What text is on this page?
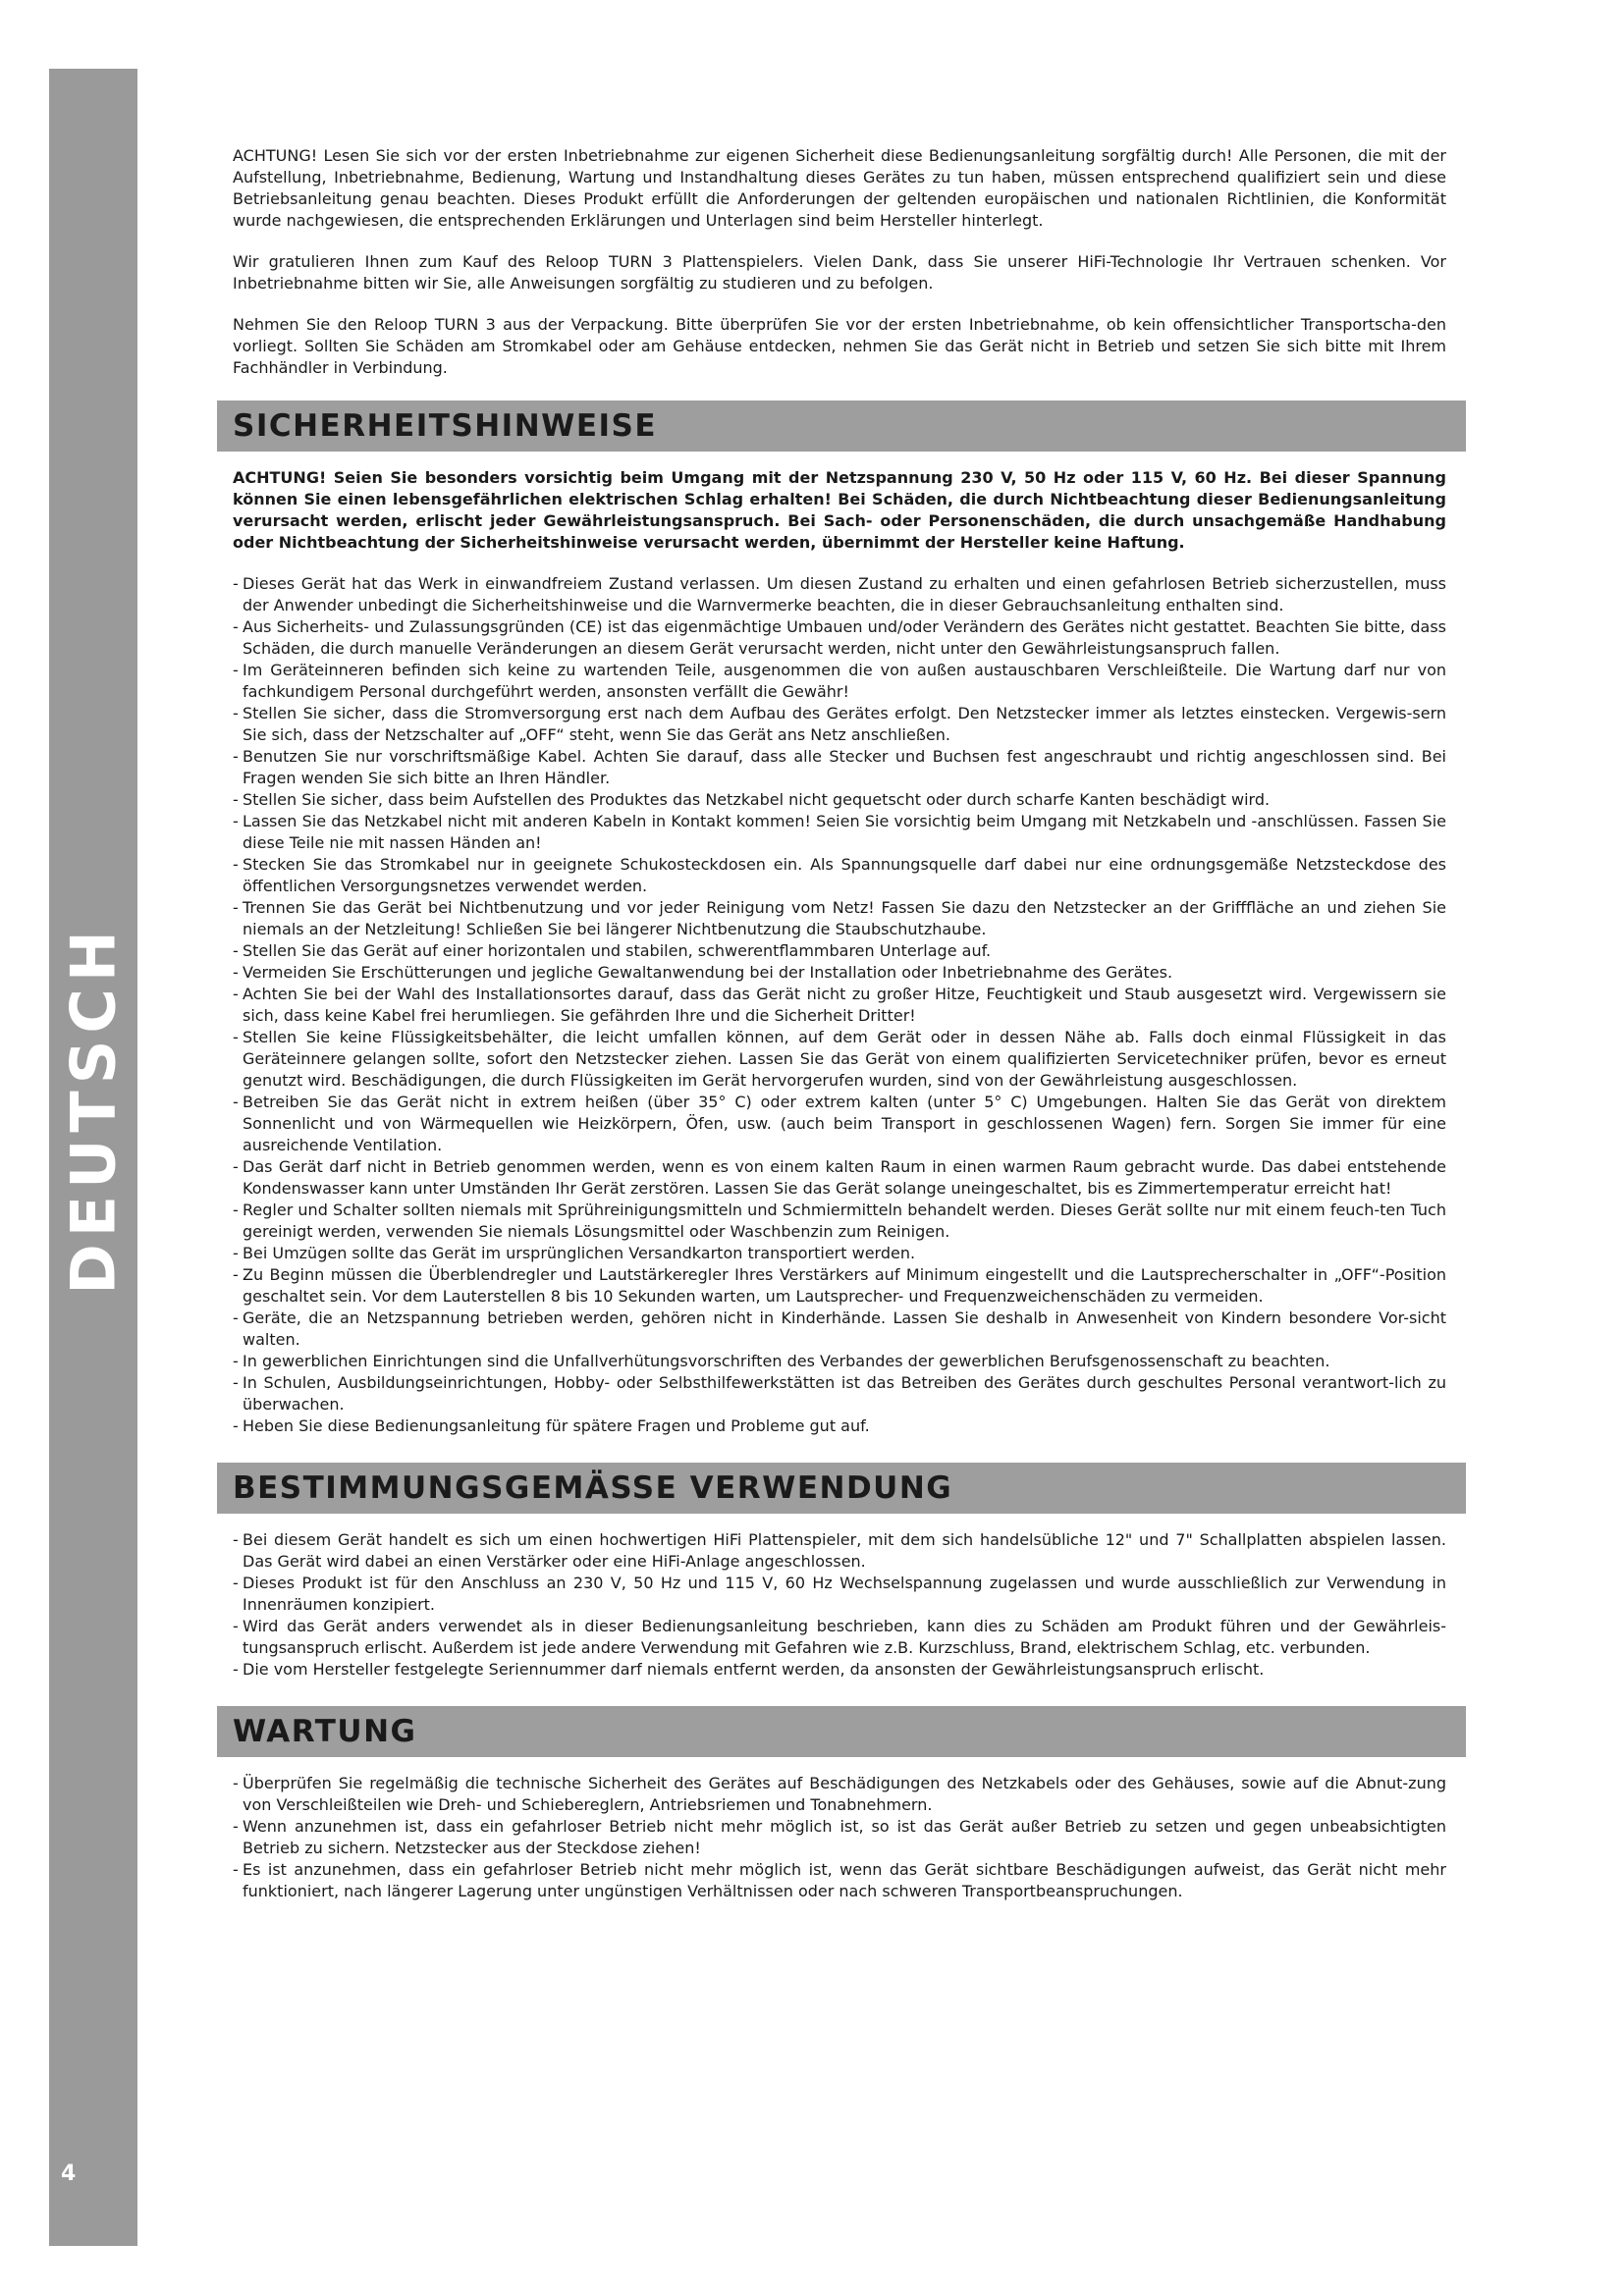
DEUTSCH
4

ACHTUNG! Lesen Sie sich vor der ersten Inbetriebnahme zur eigenen Sicherheit diese Bedienungsanleitung sorgfältig durch! Alle Personen, die mit der Aufstellung, Inbetriebnahme, Bedienung, Wartung und Instandhaltung dieses Gerätes zu tun haben, müssen entsprechend qualifiziert sein und diese Betriebsanleitung genau beachten. Dieses Produkt erfüllt die Anforderungen der geltenden europäischen und nationalen Richtlinien, die Konformität wurde nachgewiesen, die entsprechenden Erklärungen und Unterlagen sind beim Hersteller hinterlegt.

Wir gratulieren Ihnen zum Kauf des Reloop TURN 3 Plattenspielers. Vielen Dank, dass Sie unserer HiFi-Technologie Ihr Vertrauen schenken. Vor Inbetriebnahme bitten wir Sie, alle Anweisungen sorgfältig zu studieren und zu befolgen.

Nehmen Sie den Reloop TURN 3 aus der Verpackung. Bitte überprüfen Sie vor der ersten Inbetriebnahme, ob kein offensichtlicher Transportscha-den vorliegt. Sollten Sie Schäden am Stromkabel oder am Gehäuse entdecken, nehmen Sie das Gerät nicht in Betrieb und setzen Sie sich bitte mit Ihrem Fachhändler in Verbindung.

SICHERHEITSHINWEISE

ACHTUNG! Seien Sie besonders vorsichtig beim Umgang mit der Netzspannung 230 V, 50 Hz oder 115 V, 60 Hz. Bei dieser Spannung können Sie einen lebensgefährlichen elektrischen Schlag erhalten! Bei Schäden, die durch Nichtbeachtung dieser Bedienungsanleitung verursacht werden, erlischt jeder Gewährleistungsanspruch. Bei Sach- oder Personenschäden, die durch unsachgemäße Handhabung oder Nichtbeachtung der Sicherheitshinweise verursacht werden, übernimmt der Hersteller keine Haftung.

- Dieses Gerät hat das Werk in einwandfreiem Zustand verlassen. Um diesen Zustand zu erhalten und einen gefahrlosen Betrieb sicherzustellen, muss der Anwender unbedingt die Sicherheitshinweise und die Warnvermerke beachten, die in dieser Gebrauchsanleitung enthalten sind.
- Aus Sicherheits- und Zulassungsgründen (CE) ist das eigenmächtige Umbauen und/oder Verändern des Gerätes nicht gestattet. Beachten Sie bitte, dass Schäden, die durch manuelle Veränderungen an diesem Gerät verursacht werden, nicht unter den Gewährleistungsanspruch fallen.
- Im Geräteinneren befinden sich keine zu wartenden Teile, ausgenommen die von außen austauschbaren Verschleißteile. Die Wartung darf nur von fachkundigem Personal durchgeführt werden, ansonsten verfällt die Gewähr!
- Stellen Sie sicher, dass die Stromversorgung erst nach dem Aufbau des Gerätes erfolgt. Den Netzstecker immer als letztes einstecken. Vergewis-sern Sie sich, dass der Netzschalter auf „OFF“ steht, wenn Sie das Gerät ans Netz anschließen.
- Benutzen Sie nur vorschriftsmäßige Kabel. Achten Sie darauf, dass alle Stecker und Buchsen fest angeschraubt und richtig angeschlossen sind. Bei Fragen wenden Sie sich bitte an Ihren Händler.
- Stellen Sie sicher, dass beim Aufstellen des Produktes das Netzkabel nicht gequetscht oder durch scharfe Kanten beschädigt wird.
- Lassen Sie das Netzkabel nicht mit anderen Kabeln in Kontakt kommen! Seien Sie vorsichtig beim Umgang mit Netzkabeln und -anschlüssen. Fassen Sie diese Teile nie mit nassen Händen an!
- Stecken Sie das Stromkabel nur in geeignete Schukosteckdosen ein. Als Spannungsquelle darf dabei nur eine ordnungsgemäße Netzsteckdose des öffentlichen Versorgungsnetzes verwendet werden.
- Trennen Sie das Gerät bei Nichtbenutzung und vor jeder Reinigung vom Netz! Fassen Sie dazu den Netzstecker an der Grifffläche an und ziehen Sie niemals an der Netzleitung! Schließen Sie bei längerer Nichtbenutzung die Staubschutzhaube.
- Stellen Sie das Gerät auf einer horizontalen und stabilen, schwerentflammbaren Unterlage auf.
- Vermeiden Sie Erschütterungen und jegliche Gewaltanwendung bei der Installation oder Inbetriebnahme des Gerätes.
- Achten Sie bei der Wahl des Installationsortes darauf, dass das Gerät nicht zu großer Hitze, Feuchtigkeit und Staub ausgesetzt wird. Vergewissern sie sich, dass keine Kabel frei herumliegen. Sie gefährden Ihre und die Sicherheit Dritter!
- Stellen Sie keine Flüssigkeitsbehälter, die leicht umfallen können, auf dem Gerät oder in dessen Nähe ab. Falls doch einmal Flüssigkeit in das Geräteinnere gelangen sollte, sofort den Netzstecker ziehen. Lassen Sie das Gerät von einem qualifizierten Servicetechniker prüfen, bevor es erneut genutzt wird. Beschädigungen, die durch Flüssigkeiten im Gerät hervorgerufen wurden, sind von der Gewährleistung ausgeschlossen.
- Betreiben Sie das Gerät nicht in extrem heißen (über 35° C) oder extrem kalten (unter 5° C) Umgebungen. Halten Sie das Gerät von direktem Sonnenlicht und von Wärmequellen wie Heizkörpern, Öfen, usw. (auch beim Transport in geschlossenen Wagen) fern. Sorgen Sie immer für eine ausreichende Ventilation.
- Das Gerät darf nicht in Betrieb genommen werden, wenn es von einem kalten Raum in einen warmen Raum gebracht wurde. Das dabei entstehende Kondenswasser kann unter Umständen Ihr Gerät zerstören. Lassen Sie das Gerät solange uneingeschaltet, bis es Zimmertemperatur erreicht hat!
- Regler und Schalter sollten niemals mit Sprühreinigungsmitteln und Schmiermitteln behandelt werden. Dieses Gerät sollte nur mit einem feuch-ten Tuch gereinigt werden, verwenden Sie niemals Lösungsmittel oder Waschbenzin zum Reinigen.
- Bei Umzügen sollte das Gerät im ursprünglichen Versandkarton transportiert werden.
- Zu Beginn müssen die Überblendregler und Lautstärkeregler Ihres Verstärkers auf Minimum eingestellt und die Lautsprecherschalter in „OFF“-Position geschaltet sein. Vor dem Lauterstellen 8 bis 10 Sekunden warten, um Lautsprecher- und Frequenzweichenschäden zu vermeiden.
- Geräte, die an Netzspannung betrieben werden, gehören nicht in Kinderhände. Lassen Sie deshalb in Anwesenheit von Kindern besondere Vor-sicht walten.
- In gewerblichen Einrichtungen sind die Unfallverhütungsvorschriften des Verbandes der gewerblichen Berufsgenossenschaft zu beachten.
- In Schulen, Ausbildungseinrichtungen, Hobby- oder Selbsthilfewerkstätten ist das Betreiben des Gerätes durch geschultes Personal verantwort-lich zu überwachen.
- Heben Sie diese Bedienungsanleitung für spätere Fragen und Probleme gut auf.
BESTIMMUNGSGEMÄSSE VERWENDUNG
- Bei diesem Gerät handelt es sich um einen hochwertigen HiFi Plattenspieler, mit dem sich handelsübliche 12" und 7" Schallplatten abspielen lassen. Das Gerät wird dabei an einen Verstärker oder eine HiFi-Anlage angeschlossen.
- Dieses Produkt ist für den Anschluss an 230 V, 50 Hz und 115 V, 60 Hz Wechselspannung zugelassen und wurde ausschließlich zur Verwendung in Innenräumen konzipiert.
- Wird das Gerät anders verwendet als in dieser Bedienungsanleitung beschrieben, kann dies zu Schäden am Produkt führen und der Gewährleis-tungsanspruch erlischt. Außerdem ist jede andere Verwendung mit Gefahren wie z.B. Kurzschluss, Brand, elektrischem Schlag, etc. verbunden.
- Die vom Hersteller festgelegte Seriennummer darf niemals entfernt werden, da ansonsten der Gewährleistungsanspruch erlischt.
WARTUNG
- Überprüfen Sie regelmäßig die technische Sicherheit des Gerätes auf Beschädigungen des Netzkabels oder des Gehäuses, sowie auf die Abnut-zung von Verschleißteilen wie Dreh- und Schiebereglern, Antriebsriemen und Tonabnehmern.
- Wenn anzunehmen ist, dass ein gefahrloser Betrieb nicht mehr möglich ist, so ist das Gerät außer Betrieb zu setzen und gegen unbeabsichtigten Betrieb zu sichern. Netzstecker aus der Steckdose ziehen!
- Es ist anzunehmen, dass ein gefahrloser Betrieb nicht mehr möglich ist, wenn das Gerät sichtbare Beschädigungen aufweist, das Gerät nicht mehr funktioniert, nach längerer Lagerung unter ungünstigen Verhältnissen oder nach schweren Transportbeanspruchungen.
